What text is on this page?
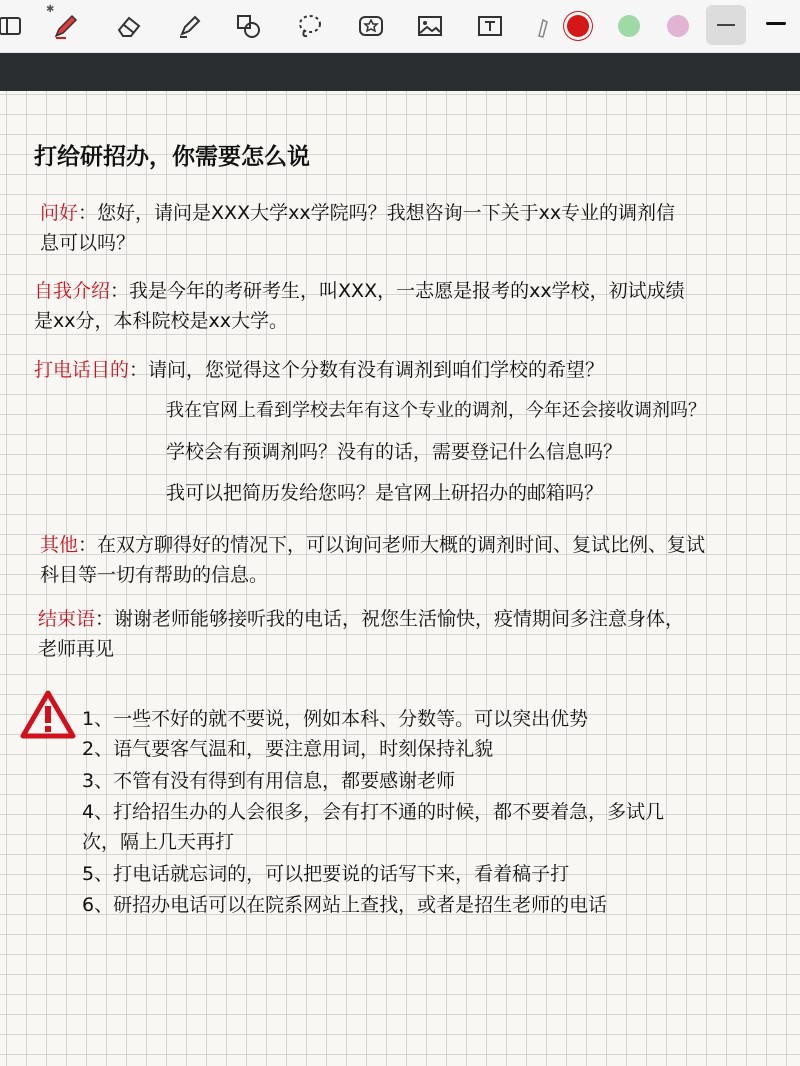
✱
打给研招办，你需要怎么说
问好：您好，请问是XXX大学xx学院吗？我想咨询一下关于xx专业的调剂信
息可以吗？
自我介绍：我是今年的考研考生，叫XXX，一志愿是报考的xx学校，初试成绩
是xx分，本科院校是xx大学。
打电话目的：请问，您觉得这个分数有没有调剂到咱们学校的希望？
我在官网上看到学校去年有这个专业的调剂，今年还会接收调剂吗？
学校会有预调剂吗？没有的话，需要登记什么信息吗？
我可以把简历发给您吗？是官网上研招办的邮箱吗？
其他：在双方聊得好的情况下，可以询问老师大概的调剂时间、复试比例、复试
科目等一切有帮助的信息。
结束语：谢谢老师能够接听我的电话，祝您生活愉快，疫情期间多注意身体，
老师再见
1、一些不好的就不要说，例如本科、分数等。可以突出优势
2、语气要客气温和，要注意用词，时刻保持礼貌
3、不管有没有得到有用信息，都要感谢老师
4、打给招生办的人会很多，会有打不通的时候，都不要着急，多试几
次，隔上几天再打
5、打电话就忘词的，可以把要说的话写下来，看着稿子打
6、研招办电话可以在院系网站上查找，或者是招生老师的电话
